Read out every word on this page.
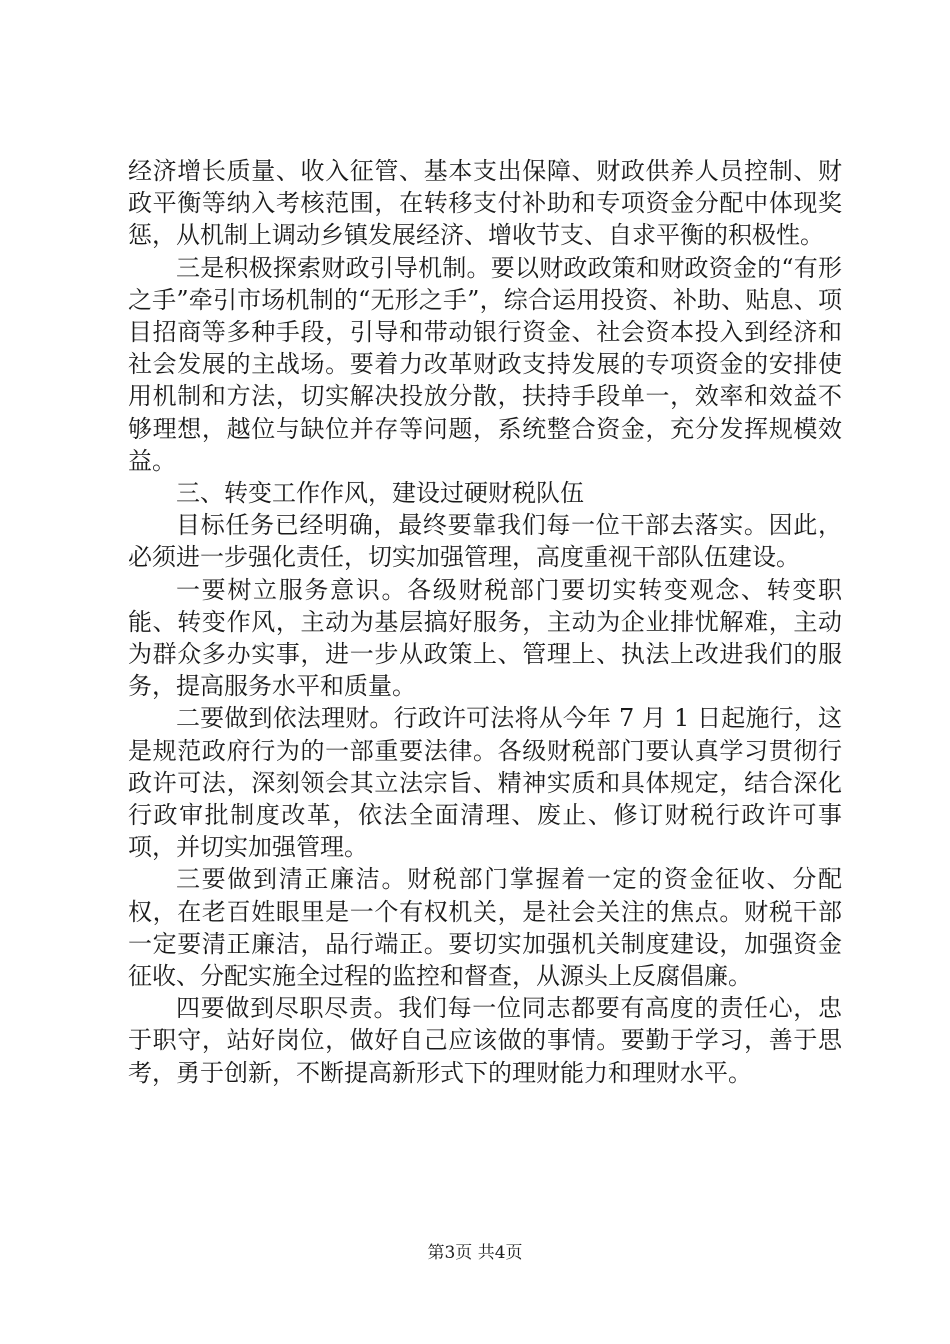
经济增长质量、收入征管、基本支出保障、财政供养人员控制、财政平衡等纳入考核范围，在转移支付补助和专项资金分配中体现奖惩，从机制上调动乡镇发展经济、增收节支、自求平衡的积极性。

三是积极探索财政引导机制。要以财政政策和财政资金的“有形之手”牵引市场机制的“无形之手”，综合运用投资、补助、贴息、项目招商等多种手段，引导和带动银行资金、社会资本投入到经济和社会发展的主战场。要着力改革财政支持发展的专项资金的安排使用机制和方法，切实解决投放分散，扶持手段单一，效率和效益不够理想，越位与缺位并存等问题，系统整合资金，充分发挥规模效益。

三、转变工作作风，建设过硬财税队伍

目标任务已经明确，最终要靠我们每一位干部去落实。因此，必须进一步强化责任，切实加强管理，高度重视干部队伍建设。

一要树立服务意识。各级财税部门要切实转变观念、转变职能、转变作风，主动为基层搞好服务，主动为企业排忧解难，主动为群众多办实事，进一步从政策上、管理上、执法上改进我们的服务，提高服务水平和质量。

二要做到依法理财。行政许可法将从今年 7 月 1 日起施行，这是规范政府行为的一部重要法律。各级财税部门要认真学习贯彻行政许可法，深刻领会其立法宗旨、精神实质和具体规定，结合深化行政审批制度改革，依法全面清理、废止、修订财税行政许可事项，并切实加强管理。

三要做到清正廉洁。财税部门掌握着一定的资金征收、分配权，在老百姓眼里是一个有权机关，是社会关注的焦点。财税干部一定要清正廉洁，品行端正。要切实加强机关制度建设，加强资金征收、分配实施全过程的监控和督查，从源头上反腐倡廉。

四要做到尽职尽责。我们每一位同志都要有高度的责任心，忠于职守，站好岗位，做好自己应该做的事情。要勤于学习，善于思考，勇于创新，不断提高新形式下的理财能力和理财水平。

第3页 共4页
